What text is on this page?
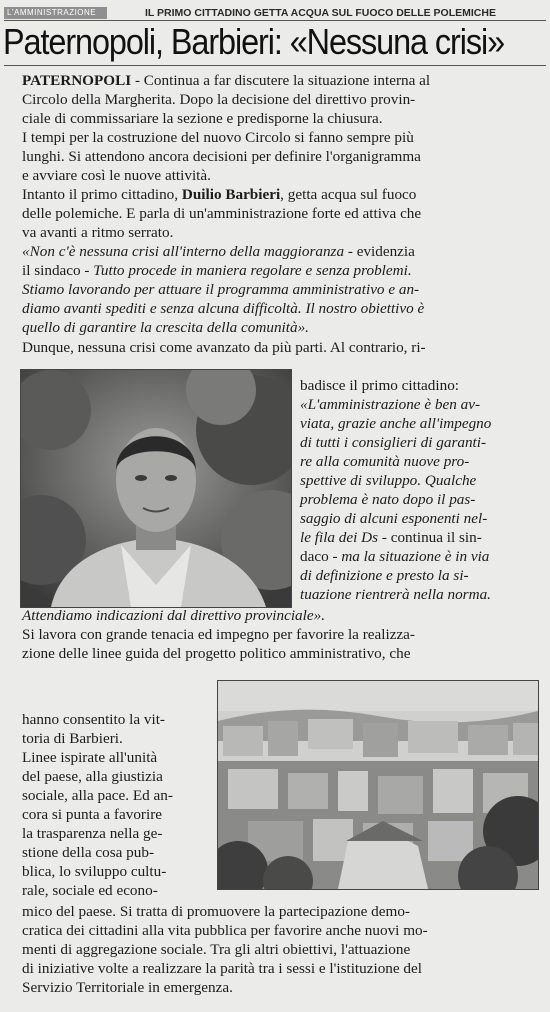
L'AMMINISTRAZIONE	IL PRIMO CITTADINO GETTA ACQUA SUL FUOCO DELLE POLEMICHE
Paternopoli, Barbieri: «Nessuna crisi»
PATERNOPOLI - Continua a far discutere la situazione interna al
Circolo della Margherita. Dopo la decisione del direttivo provin-
ciale di commissariare la sezione e predisporne la chiusura.
I tempi per la costruzione del nuovo Circolo si fanno sempre più
lunghi. Si attendono ancora decisioni per definire l'organigramma
e avviare così le nuove attività.
Intanto il primo cittadino, Duilio Barbieri, getta acqua sul fuoco
delle polemiche. E parla di un'amministrazione forte ed attiva che
va avanti a ritmo serrato.
«Non c'è nessuna crisi all'interno della maggioranza - evidenzia
il sindaco - Tutto procede in maniera regolare e senza problemi.
Stiamo lavorando per attuare il programma amministrativo e an-
diamo avanti spediti e senza alcuna difficoltà. Il nostro obiettivo è
quello di garantire la crescita della comunità».
Dunque, nessuna crisi come avanzato da più parti. Al contrario, ri-
badisce il primo cittadino:
«L'amministrazione è ben av-
viata, grazie anche all'impegno
di tutti i consiglieri di garanti-
re alla comunità nuove pro-
spettive di sviluppo. Qualche
problema è nato dopo il pas-
saggio di alcuni esponenti nel-
le fila dei Ds - continua il sin-
daco - ma la situazione è in via
di definizione e presto la si-
tuazione rientrerà nella norma.
Attendiamo indicazioni dal direttivo provinciale».
Si lavora con grande tenacia ed impegno per favorire la realizza-
zione delle linee guida del progetto politico amministrativo, che
hanno consentito la vit-
toria di Barbieri.
Linee ispirate all'unità
del paese, alla giustizia
sociale, alla pace. Ed an-
cora si punta a favorire
la trasparenza nella ge-
stione della cosa pub-
blica, lo sviluppo cultu-
rale, sociale ed econo-
mico del paese. Si tratta di promuovere la partecipazione demo-
cratica dei cittadini alla vita pubblica per favorire anche nuovi mo-
menti di aggregazione sociale. Tra gli altri obiettivi, l'attuazione
di iniziative volte a realizzare la parità tra i sessi e l'istituzione del
Servizio Territoriale in emergenza.
